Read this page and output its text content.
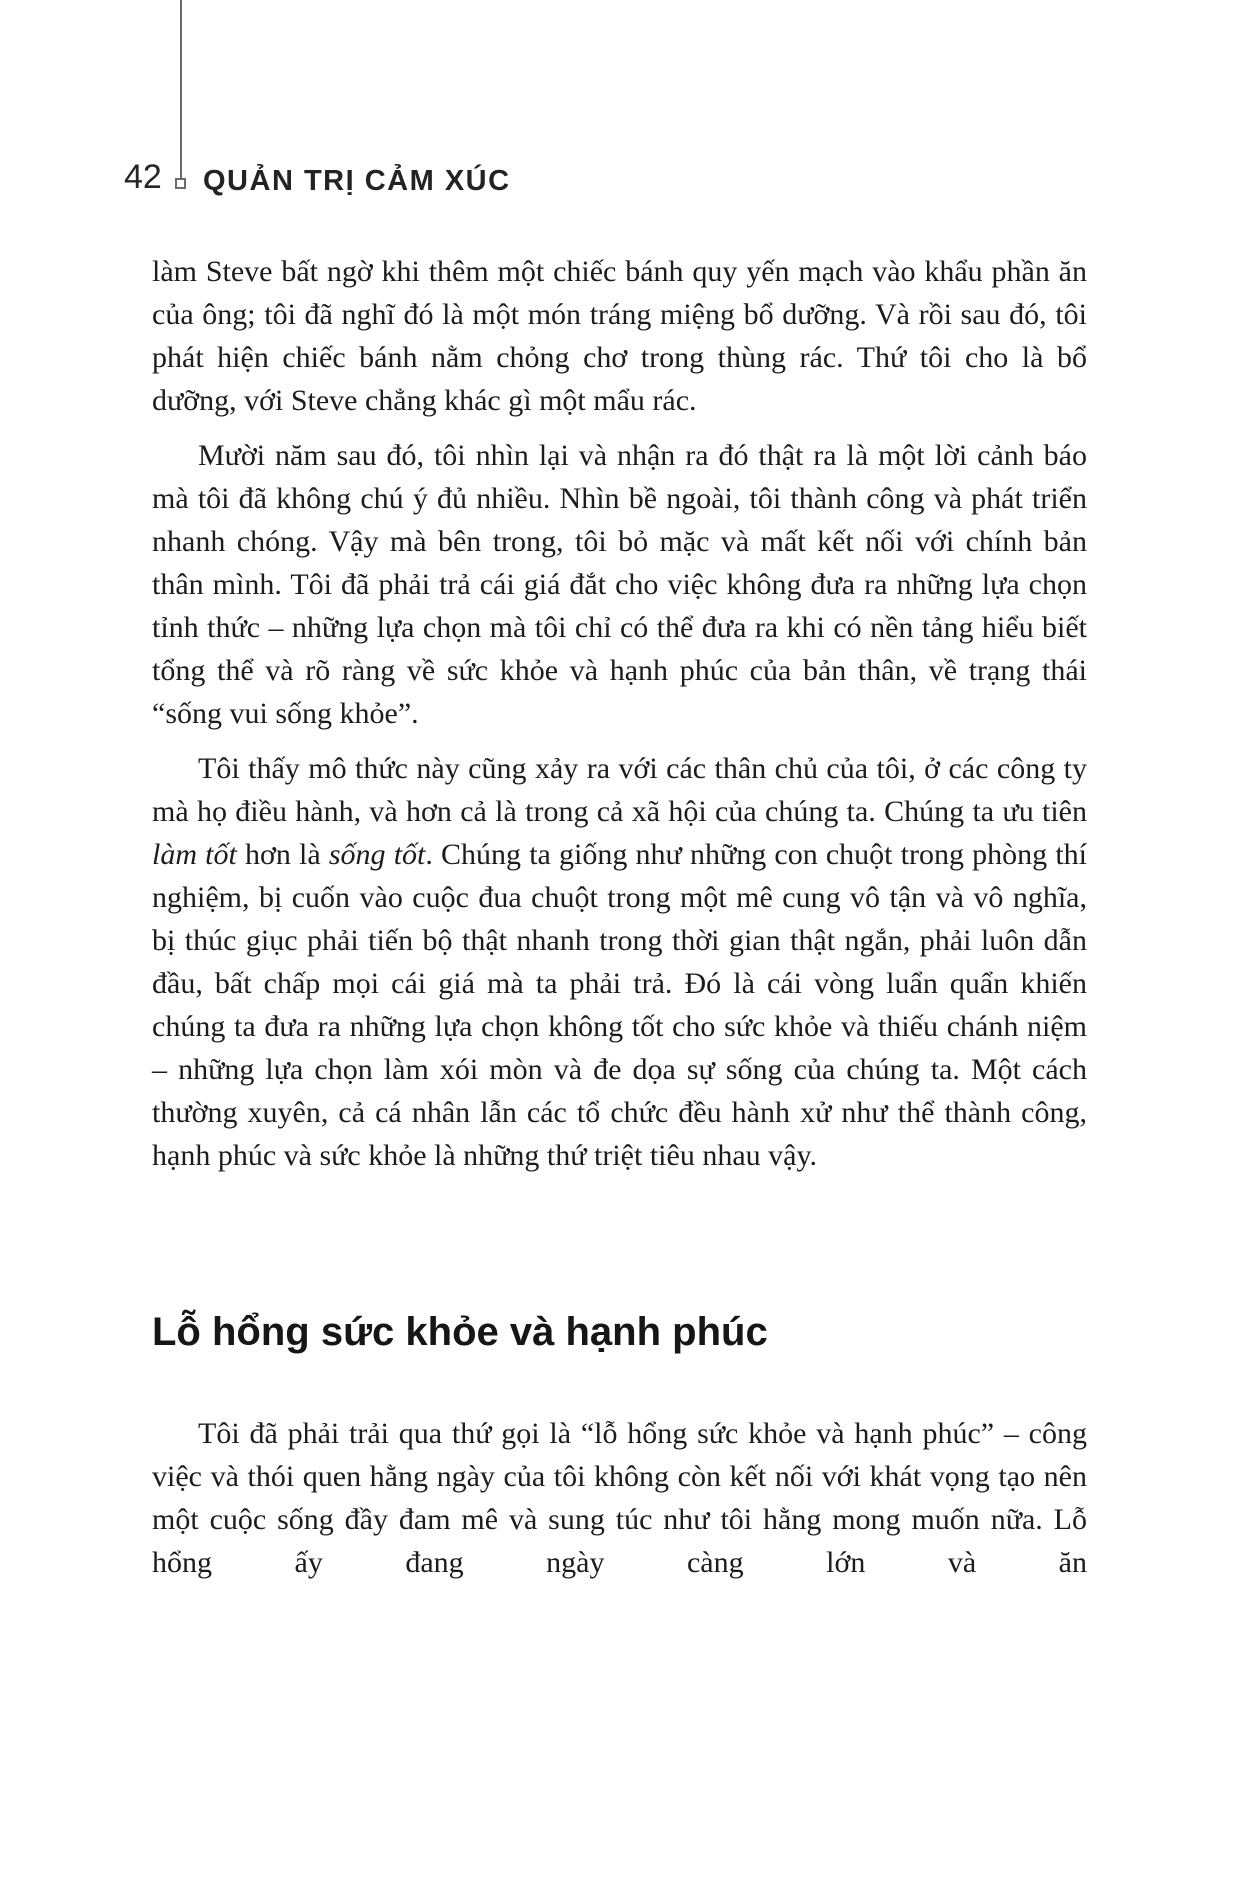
42 QUẢN TRỊ CẢM XÚC

làm Steve bất ngờ khi thêm một chiếc bánh quy yến mạch vào khẩu phần ăn của ông; tôi đã nghĩ đó là một món tráng miệng bổ dưỡng. Và rồi sau đó, tôi phát hiện chiếc bánh nằm chỏng chơ trong thùng rác. Thứ tôi cho là bổ dưỡng, với Steve chẳng khác gì một mẩu rác.

Mười năm sau đó, tôi nhìn lại và nhận ra đó thật ra là một lời cảnh báo mà tôi đã không chú ý đủ nhiều. Nhìn bề ngoài, tôi thành công và phát triển nhanh chóng. Vậy mà bên trong, tôi bỏ mặc và mất kết nối với chính bản thân mình. Tôi đã phải trả cái giá đắt cho việc không đưa ra những lựa chọn tỉnh thức – những lựa chọn mà tôi chỉ có thể đưa ra khi có nền tảng hiểu biết tổng thể và rõ ràng về sức khỏe và hạnh phúc của bản thân, về trạng thái “sống vui sống khỏe”.

Tôi thấy mô thức này cũng xảy ra với các thân chủ của tôi, ở các công ty mà họ điều hành, và hơn cả là trong cả xã hội của chúng ta. Chúng ta ưu tiên làm tốt hơn là sống tốt. Chúng ta giống như những con chuột trong phòng thí nghiệm, bị cuốn vào cuộc đua chuột trong một mê cung vô tận và vô nghĩa, bị thúc giục phải tiến bộ thật nhanh trong thời gian thật ngắn, phải luôn dẫn đầu, bất chấp mọi cái giá mà ta phải trả. Đó là cái vòng luẩn quẩn khiến chúng ta đưa ra những lựa chọn không tốt cho sức khỏe và thiếu chánh niệm – những lựa chọn làm xói mòn và đe dọa sự sống của chúng ta. Một cách thường xuyên, cả cá nhân lẫn các tổ chức đều hành xử như thể thành công, hạnh phúc và sức khỏe là những thứ triệt tiêu nhau vậy.

Lỗ hổng sức khỏe và hạnh phúc

Tôi đã phải trải qua thứ gọi là “lỗ hổng sức khỏe và hạnh phúc” – công việc và thói quen hằng ngày của tôi không còn kết nối với khát vọng tạo nên một cuộc sống đầy đam mê và sung túc như tôi hằng mong muốn nữa. Lỗ hổng ấy đang ngày càng lớn và ăn
